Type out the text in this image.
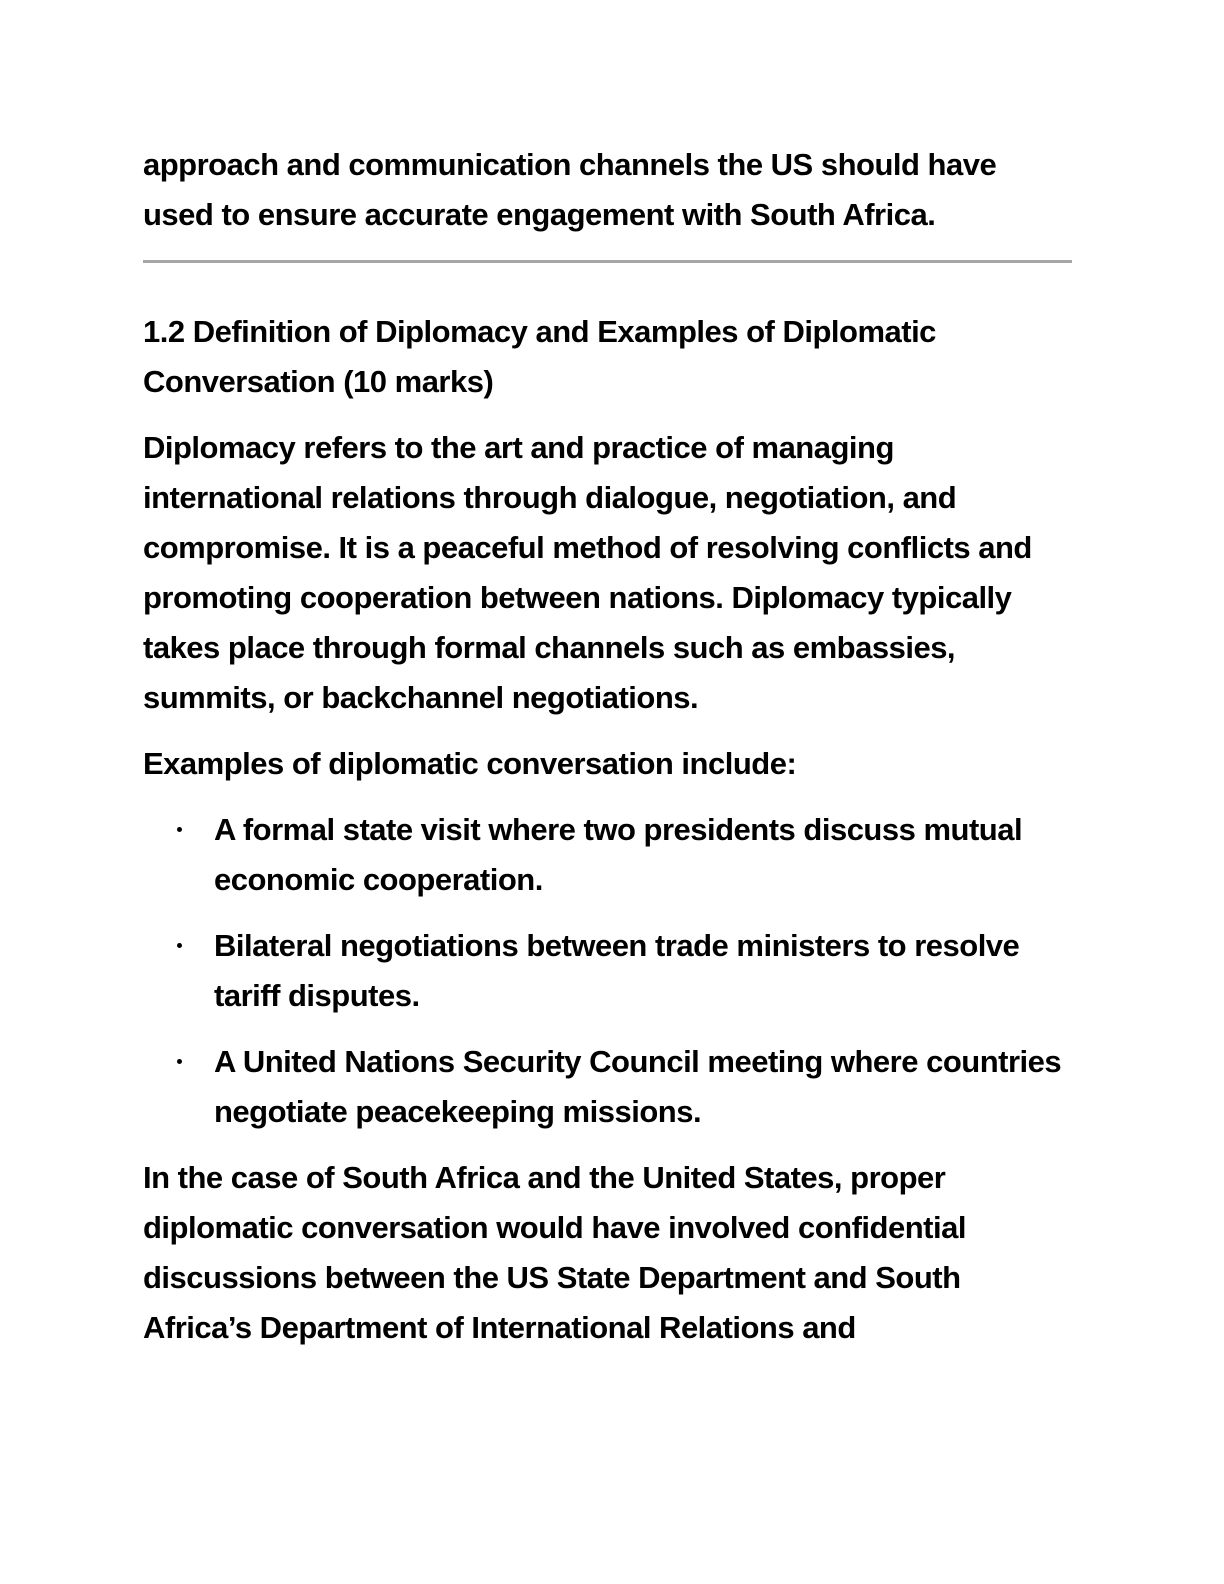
approach and communication channels the US should have used to ensure accurate engagement with South Africa.

1.2 Definition of Diplomacy and Examples of Diplomatic Conversation (10 marks)

Diplomacy refers to the art and practice of managing international relations through dialogue, negotiation, and compromise. It is a peaceful method of resolving conflicts and promoting cooperation between nations. Diplomacy typically takes place through formal channels such as embassies, summits, or backchannel negotiations.

Examples of diplomatic conversation include:

A formal state visit where two presidents discuss mutual economic cooperation.
Bilateral negotiations between trade ministers to resolve tariff disputes.
A United Nations Security Council meeting where countries negotiate peacekeeping missions.

In the case of South Africa and the United States, proper diplomatic conversation would have involved confidential discussions between the US State Department and South Africa’s Department of International Relations and
